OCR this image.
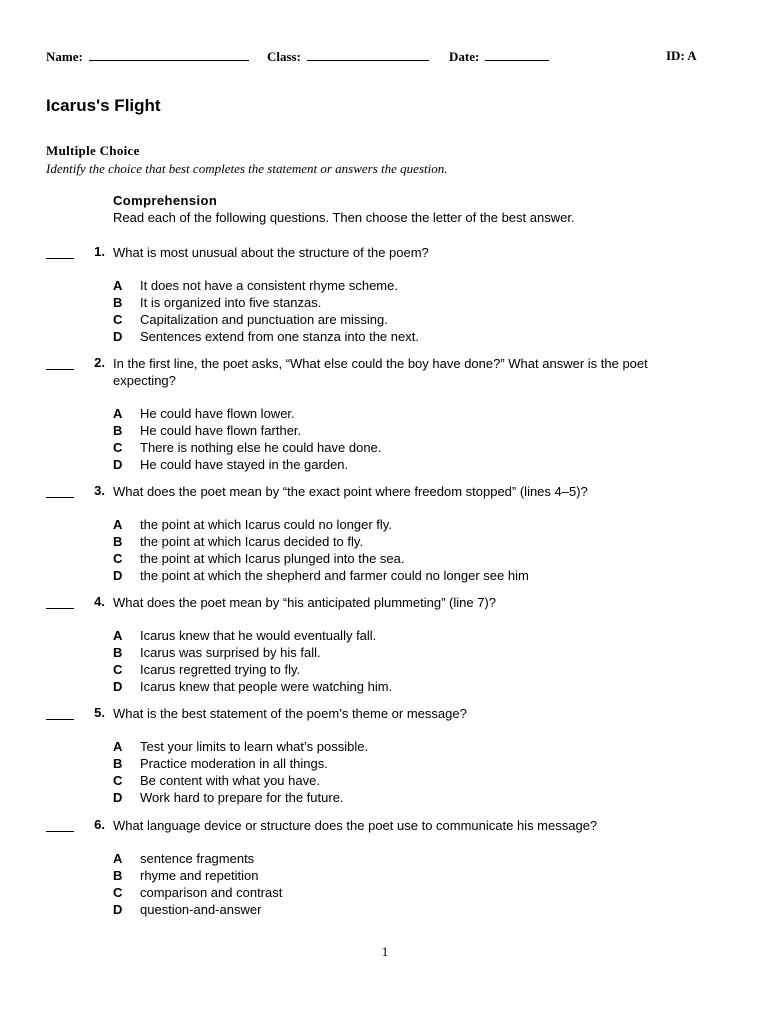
Name:	Class:	Date:	ID: A
Icarus's Flight
Multiple Choice
Identify the choice that best completes the statement or answers the question.
Comprehension
Read each of the following questions. Then choose the letter of the best answer.
1. What is most unusual about the structure of the poem?
A It does not have a consistent rhyme scheme.
B It is organized into five stanzas.
C Capitalization and punctuation are missing.
D Sentences extend from one stanza into the next.
2. In the first line, the poet asks, “What else could the boy have done?” What answer is the poet expecting?
A He could have flown lower.
B He could have flown farther.
C There is nothing else he could have done.
D He could have stayed in the garden.
3. What does the poet mean by “the exact point where freedom stopped” (lines 4–5)?
A the point at which Icarus could no longer fly.
B the point at which Icarus decided to fly.
C the point at which Icarus plunged into the sea.
D the point at which the shepherd and farmer could no longer see him
4. What does the poet mean by “his anticipated plummeting” (line 7)?
A Icarus knew that he would eventually fall.
B Icarus was surprised by his fall.
C Icarus regretted trying to fly.
D Icarus knew that people were watching him.
5. What is the best statement of the poem’s theme or message?
A Test your limits to learn what’s possible.
B Practice moderation in all things.
C Be content with what you have.
D Work hard to prepare for the future.
6. What language device or structure does the poet use to communicate his message?
A sentence fragments
B rhyme and repetition
C comparison and contrast
D question-and-answer
1
